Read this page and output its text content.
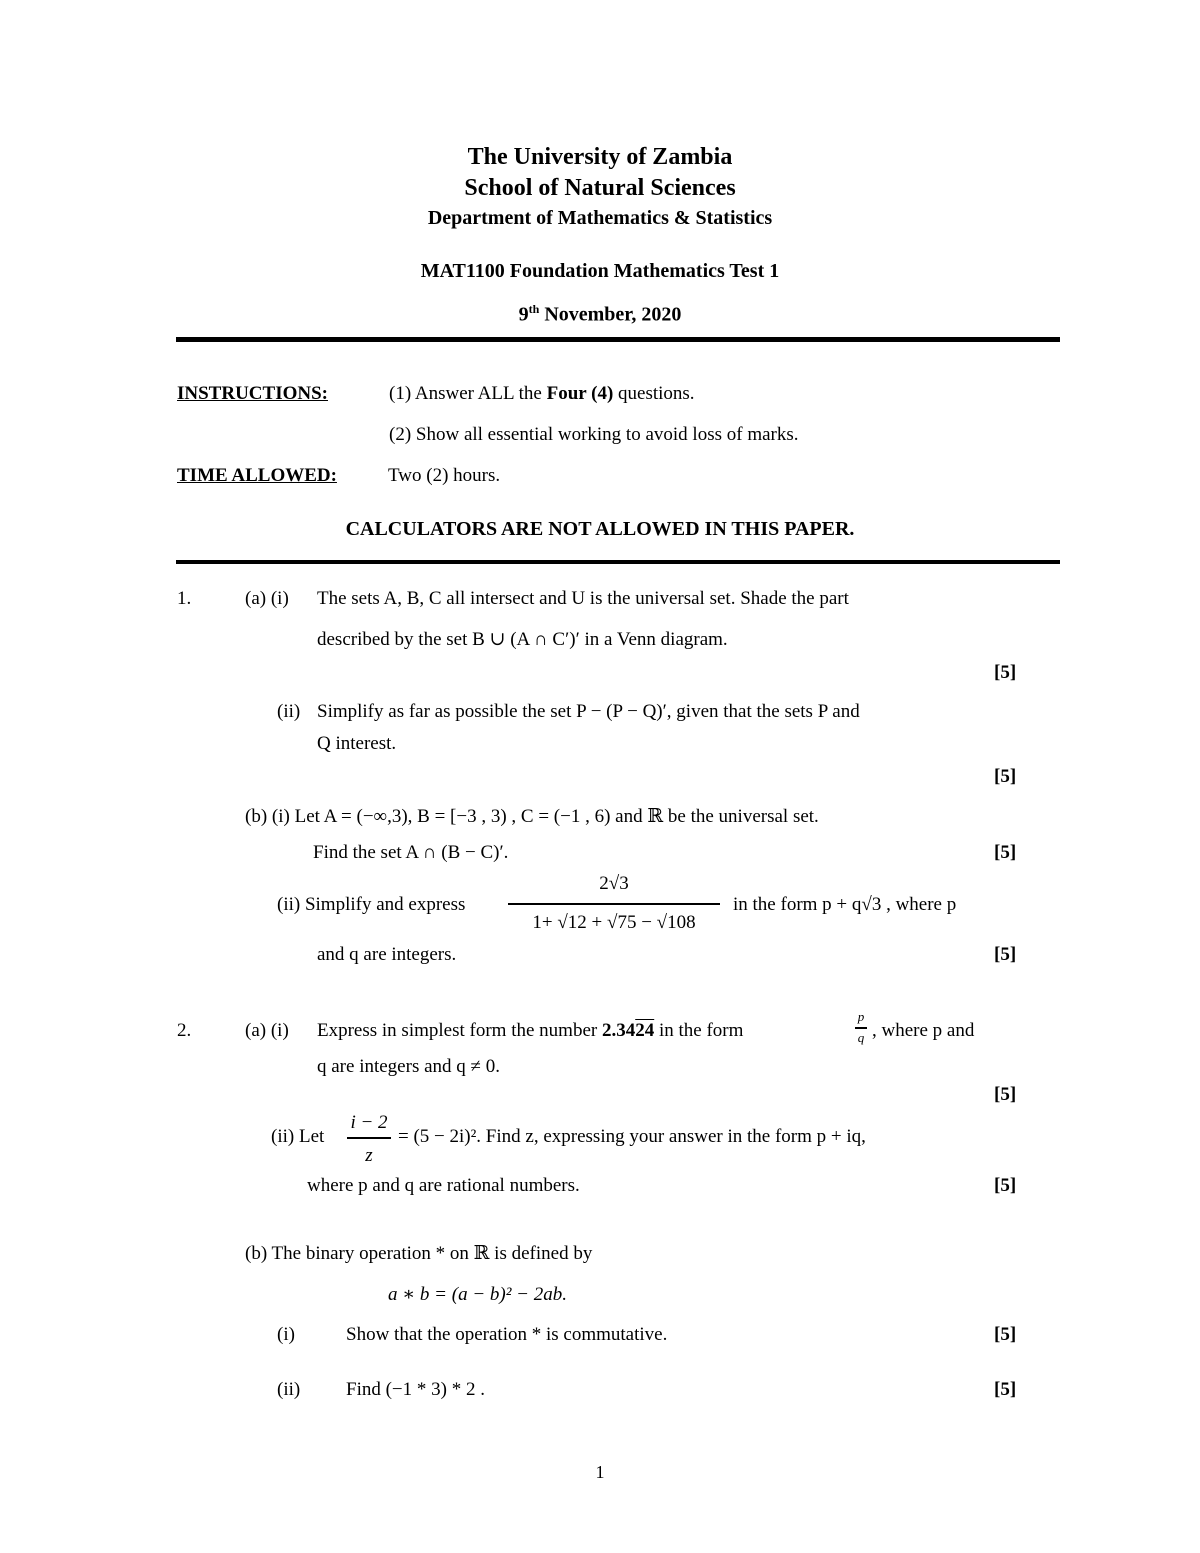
The University of Zambia
School of Natural Sciences
Department of Mathematics & Statistics
MAT1100 Foundation Mathematics Test 1
9th November, 2020
INSTRUCTIONS:	(1) Answer ALL the Four (4) questions.
(2) Show all essential working to avoid loss of marks.
TIME ALLOWED:	Two (2) hours.
CALCULATORS ARE NOT ALLOWED IN THIS PAPER.
1.	(a) (i) The sets A, B, C all intersect and U is the universal set. Shade the part
described by the set B ∪ (A ∩ C′)′ in a Venn diagram.
[5]
(ii) Simplify as far as possible the set P − (P − Q)′, given that the sets P and
Q interest.
[5]
(b) (i) Let A = (−∞,3), B = [−3 , 3) , C = (−1 , 6) and ℝ be the universal set.
Find the set A ∩ (B − C)′.	[5]
(ii) Simplify and express
2√3
1+ √12 + √75 − √108
in the form p + q√3 , where p
and q are integers.	[5]
2.	(a) (i) Express in simplest form the number 2.3424 in the form
p
q , where p and
q are integers and q ≠ 0.
[5]
(ii) Let
i − 2
z
= (5 − 2i)². Find z, expressing your answer in the form p + iq,
where p and q are rational numbers.	[5]
(b) The binary operation * on ℝ is defined by
a ∗ b = (a − b)² − 2ab.
(i)	Show that the operation * is commutative.	[5]
(ii) Find (−1 * 3) * 2 .	[5]
1
